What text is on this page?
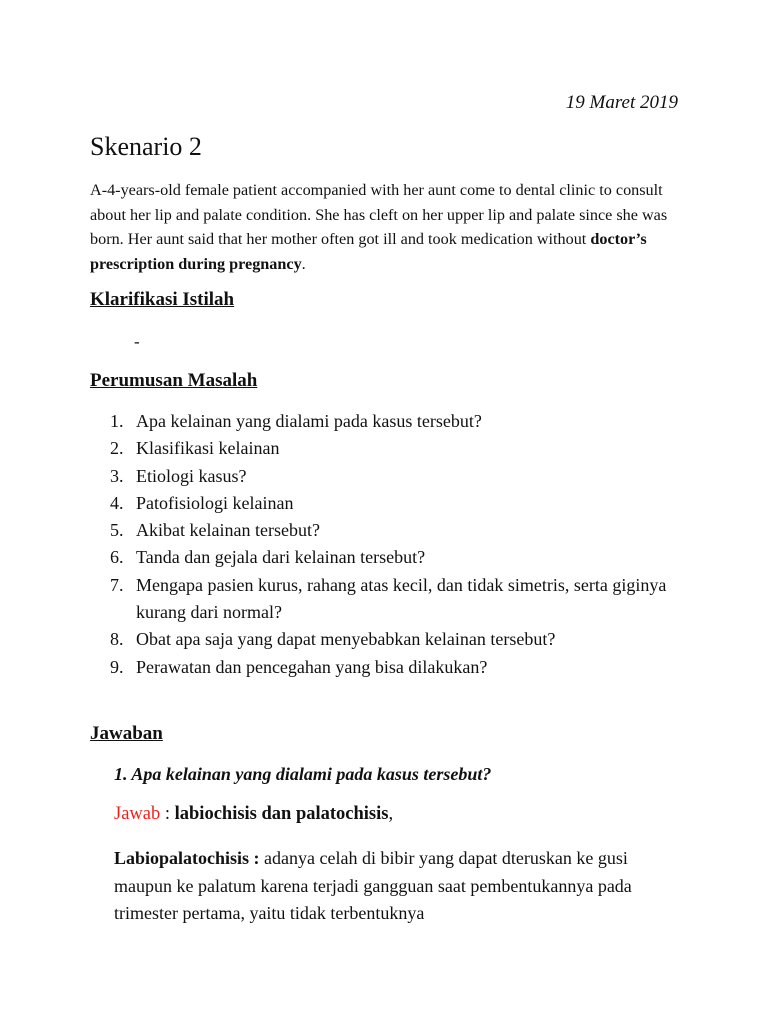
19 Maret 2019
Skenario 2
A-4-years-old female patient accompanied with her aunt come to dental clinic to consult about her lip and palate condition. She has cleft on her upper lip and palate since she was born. Her aunt said that her mother often got ill and took medication without doctor’s prescription during pregnancy.
Klarifikasi Istilah
-
Perumusan Masalah
1. Apa kelainan yang dialami pada kasus tersebut?
2. Klasifikasi kelainan
3. Etiologi kasus?
4. Patofisiologi kelainan
5. Akibat kelainan tersebut?
6. Tanda dan gejala dari kelainan tersebut?
7. Mengapa pasien kurus, rahang atas kecil, dan tidak simetris, serta giginya kurang dari normal?
8. Obat apa saja yang dapat menyebabkan kelainan tersebut?
9. Perawatan dan pencegahan yang bisa dilakukan?
Jawaban
1. Apa kelainan yang dialami pada kasus tersebut?
Jawab : labiochisis dan palatochisis,
Labiopalatochisis : adanya celah di bibir yang dapat dteruskan ke gusi maupun ke palatum karena terjadi gangguan saat pembentukannya pada trimester pertama, yaitu tidak terbentuknya
